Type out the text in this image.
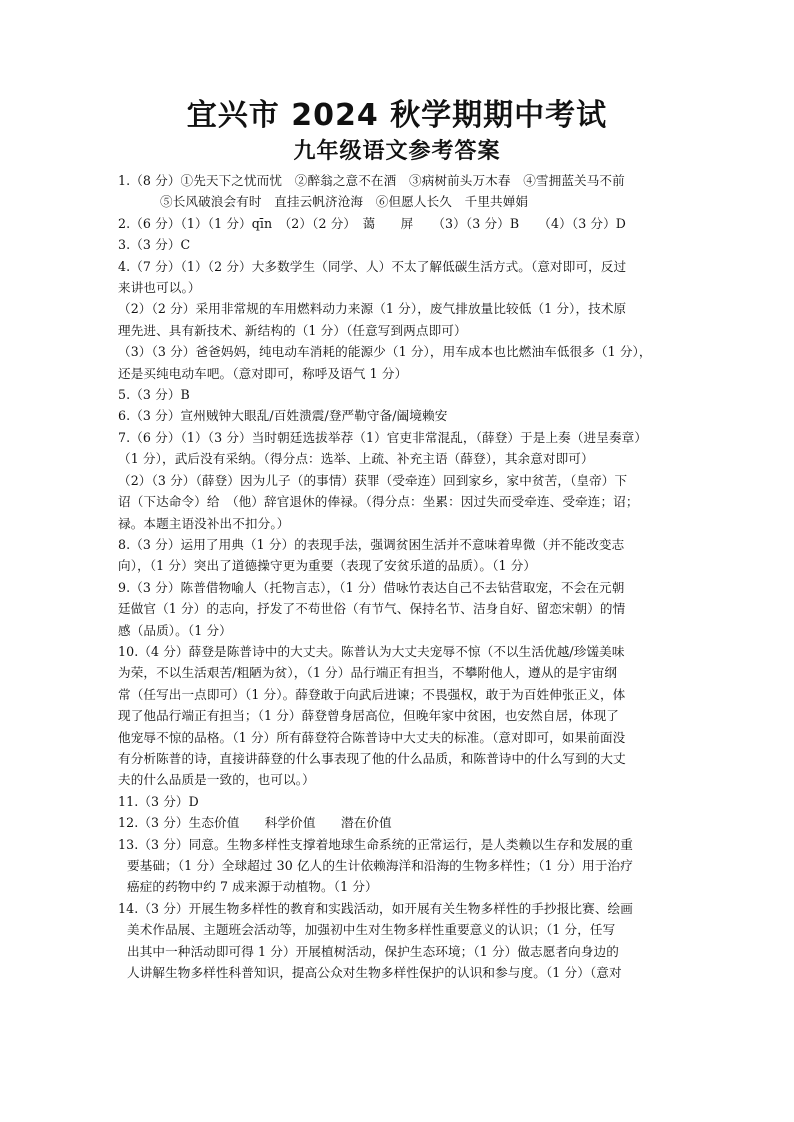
宜兴市 2024 秋学期期中考试
九年级语文参考答案
1.（8 分）①先天下之忧而忧　②醉翁之意不在酒　③病树前头万木春　④雪拥蓝关马不前
⑤长风破浪会有时　直挂云帆济沧海　⑥但愿人长久　千里共婵娟
2.（6 分）（1）（1 分）qīn　（2）（2 分）　蔼　　屏　　（3）（3 分）B　　（4）（3 分）D
3.（3 分）C
4.（7 分）（1）（2 分）大多数学生（同学、人）不太了解低碳生活方式。（意对即可，反过
来讲也可以。）
（2）（2 分）采用非常规的车用燃料动力来源（1 分），废气排放量比较低（1 分），技术原
理先进、具有新技术、新结构的（1 分）（任意写到两点即可）
（3）（3 分）爸爸妈妈，纯电动车消耗的能源少（1 分），用车成本也比燃油车低很多（1 分），
还是买纯电动车吧。（意对即可，称呼及语气 1 分）
5.（3 分）B
6.（3 分）宣州贼钟大眼乱/百姓溃震/登严勒守备/阖境赖安
7.（6 分）（1）（3 分）当时朝廷选拔举荐（1）官吏非常混乱，（薛登）于是上奏（进呈奏章）
（1 分），武后没有采纳。（得分点：选举、上疏、补充主语（薛登），其余意对即可）
（2）（3 分）（薛登）因为儿子（的事情）获罪（受牵连）回到家乡，家中贫苦，（皇帝）下
诏（下达命令）给　（他）辞官退休的俸禄。（得分点：坐累：因过失而受牵连、受牵连；诏；
禄。本题主语没补出不扣分。）
8.（3 分）运用了用典（1 分）的表现手法，强调贫困生活并不意味着卑微（并不能改变志
向），（1 分）突出了道德操守更为重要（表现了安贫乐道的品质）。（1 分）
9.（3 分）陈普借物喻人（托物言志），（1 分）借咏竹表达自己不去钻营取宠，不会在元朝
廷做官（1 分）的志向，抒发了不苟世俗（有节气、保持名节、洁身自好、留恋宋朝）的情
感（品质）。（1 分）
10.（4 分）薛登是陈普诗中的大丈夫。陈普认为大丈夫宠辱不惊（不以生活优越/珍馐美味
为荣，不以生活艰苦/粗陋为贫），（1 分）品行端正有担当，不攀附他人，遵从的是宇宙纲
常（任写出一点即可）（1 分）。薛登敢于向武后进谏；不畏强权，敢于为百姓伸张正义，体
现了他品行端正有担当；（1 分）薛登曾身居高位，但晚年家中贫困，也安然自居，体现了
他宠辱不惊的品格。（1 分）所有薛登符合陈普诗中大丈夫的标准。（意对即可，如果前面没
有分析陈普的诗，直接讲薛登的什么事表现了他的什么品质，和陈普诗中的什么写到的大丈
夫的什么品质是一致的，也可以。）
11.（3 分）D
12.（3 分）生态价值　　科学价值　　潜在价值
13.（3 分）同意。生物多样性支撑着地球生命系统的正常运行，是人类赖以生存和发展的重
要基础；（1 分）全球超过 30 亿人的生计依赖海洋和沿海的生物多样性；（1 分）用于治疗
癌症的药物中约 7 成来源于动植物。（1 分）
14.（3 分）开展生物多样性的教育和实践活动，如开展有关生物多样性的手抄报比赛、绘画
美术作品展、主题班会活动等，加强初中生对生物多样性重要意义的认识；（1 分，任写
出其中一种活动即可得 1 分）开展植树活动，保护生态环境；（1 分）做志愿者向身边的
人讲解生物多样性科普知识，提高公众对生物多样性保护的认识和参与度。（1 分）（意对
